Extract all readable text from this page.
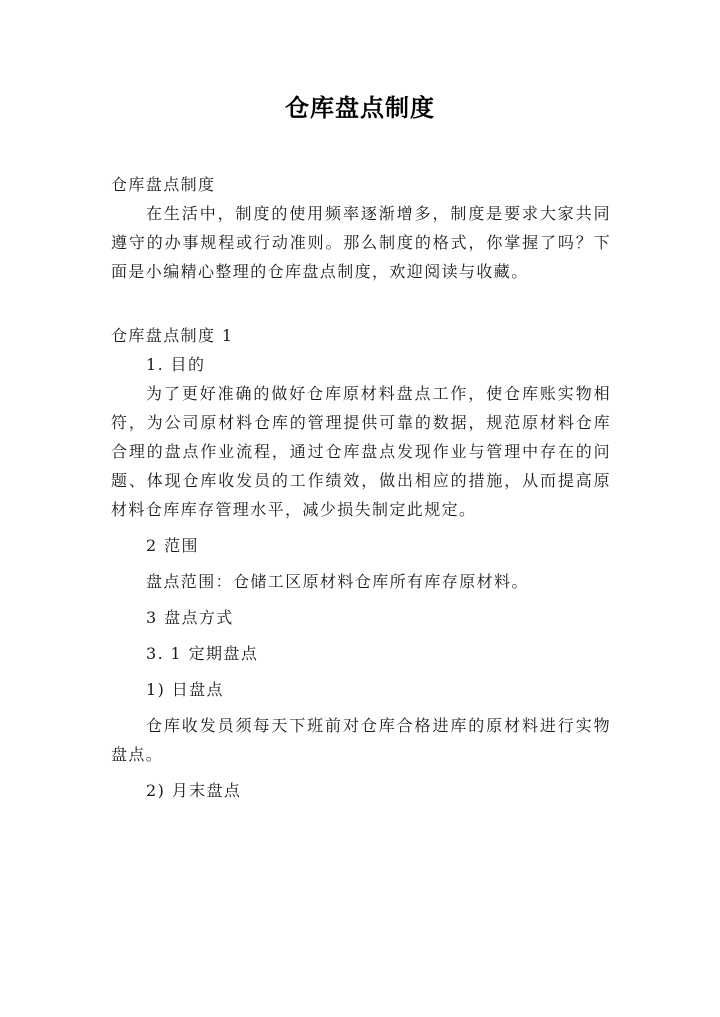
仓库盘点制度

仓库盘点制度

在生活中，制度的使用频率逐渐增多，制度是要求大家共同遵守的办事规程或行动准则。那么制度的格式，你掌握了吗？下面是小编精心整理的仓库盘点制度，欢迎阅读与收藏。

仓库盘点制度 1

1. 目的

为了更好准确的做好仓库原材料盘点工作，使仓库账实物相符，为公司原材料仓库的管理提供可靠的数据，规范原材料仓库合理的盘点作业流程，通过仓库盘点发现作业与管理中存在的问题、体现仓库收发员的工作绩效，做出相应的措施，从而提高原材料仓库库存管理水平，减少损失制定此规定。

2 范围

盘点范围：仓储工区原材料仓库所有库存原材料。

3 盘点方式

3. 1 定期盘点

1) 日盘点

仓库收发员须每天下班前对仓库合格进库的原材料进行实物盘点。

2) 月末盘点
